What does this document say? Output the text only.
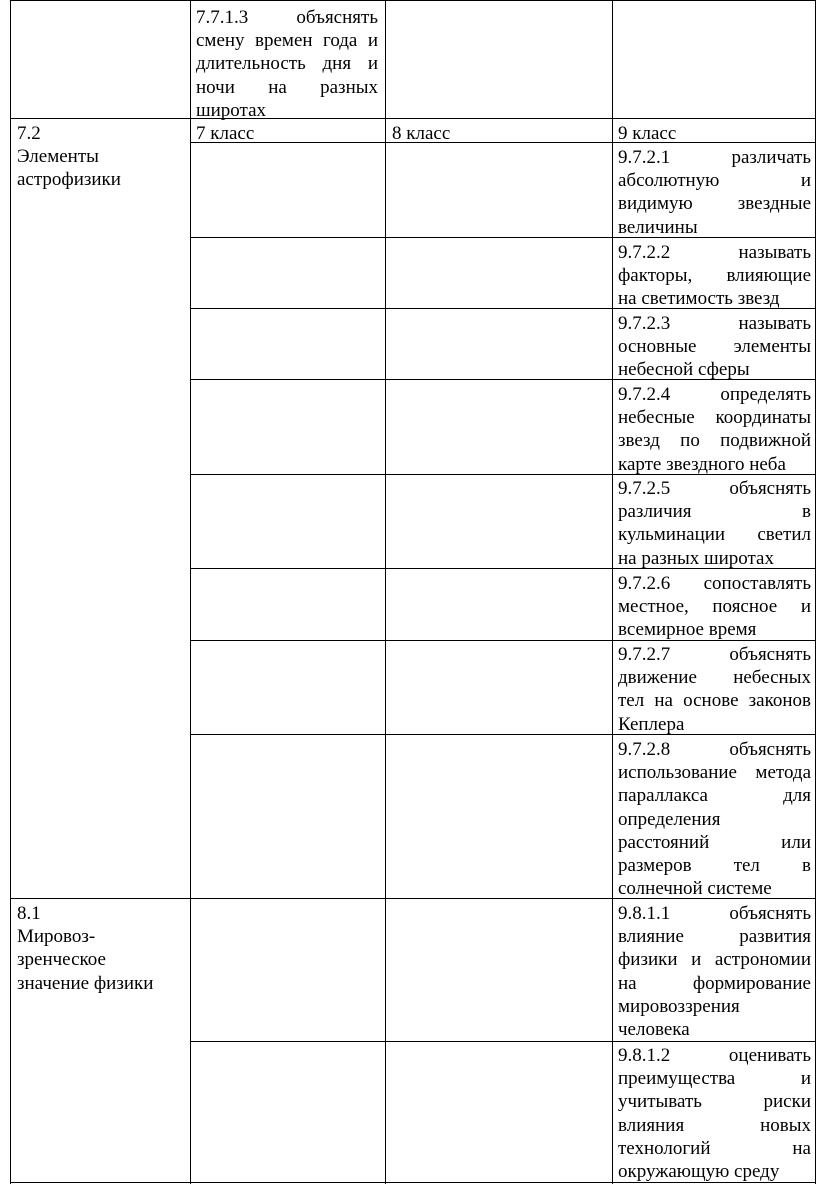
7.7.1.3 объяснять
смену времен года и
длительность дня и
ночи на разных
широтах
7.2
Элементы
астрофизики
7 класс	8 класс	9 класс
9.7.2.1 различать
абсолютную и
видимую звездные
величины
9.7.2.2 называть
факторы, влияющие
на светимость звезд
9.7.2.3 называть
основные элементы
небесной сферы
9.7.2.4 определять
небесные координаты
звезд по подвижной
карте звездного неба
9.7.2.5 объяснять
различия в
кульминации светил
на разных широтах
9.7.2.6 сопоставлять
местное, поясное и
всемирное время
9.7.2.7 объяснять
движение небесных
тел на основе законов
Кеплера
9.7.2.8 объяснять
использование метода
параллакса для
определения
расстояний или
размеров тел в
солнечной системе
8.1
Мировоз-
зренческое
значение физики
9.8.1.1 объяснять
влияние развития
физики и астрономии
на формирование
мировоззрения
человека
9.8.1.2 оценивать
преимущества и
учитывать риски
влияния новых
технологий на
окружающую среду
